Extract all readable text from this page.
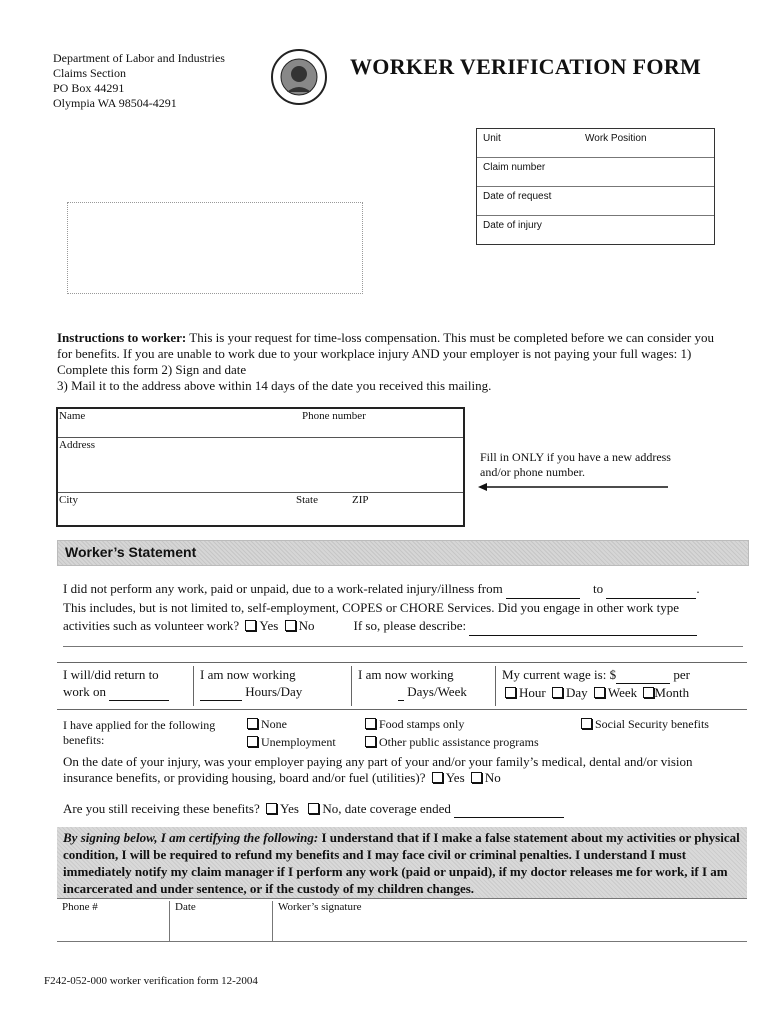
Department of Labor and Industries
Claims Section
PO Box 44291
Olympia WA 98504-4291
WORKER VERIFICATION FORM
Unit	Work Position
Claim number
Date of request
Date of injury
Instructions to worker: This is your request for time-loss compensation. This must be completed before we can consider you for benefits. If you are unable to work due to your workplace injury AND your employer is not paying your full wages: 1) Complete this form 2) Sign and date
3) Mail it to the address above within 14 days of the date you received this mailing.
Name	Phone number
Address
City	State	ZIP
Fill in ONLY if you have a new address
and/or phone number.
Worker’s Statement
I did not perform any work, paid or unpaid, due to a work-related injury/illness from	to	.
This includes, but is not limited to, self-employment, COPES or CHORE Services. Did you engage in other work type
activities such as volunteer work? Yes No	If so, please describe:
I will/did return to
work on
I am now working
Hours/Day
I am now working
Days/Week
My current wage is: $	per
Hour Day Week Month
I have applied for the following
benefits:
None	Food stamps only	Social Security benefits
Unemployment	Other public assistance programs
On the date of your injury, was your employer paying any part of your and/or your family’s medical, dental and/or vision insurance benefits, or providing housing, board and/or fuel (utilities)? Yes No
Are you still receiving these benefits? Yes No, date coverage ended
By signing below, I am certifying the following: I understand that if I make a false statement about my activities or physical condition, I will be required to refund my benefits and I may face civil or criminal penalties. I understand I must immediately notify my claim manager if I perform any work (paid or unpaid), if my doctor releases me for work, if I am incarcerated and under sentence, or if the custody of my children changes.
Phone #	Date	Worker’s signature
F242-052-000 worker verification form 12-2004
